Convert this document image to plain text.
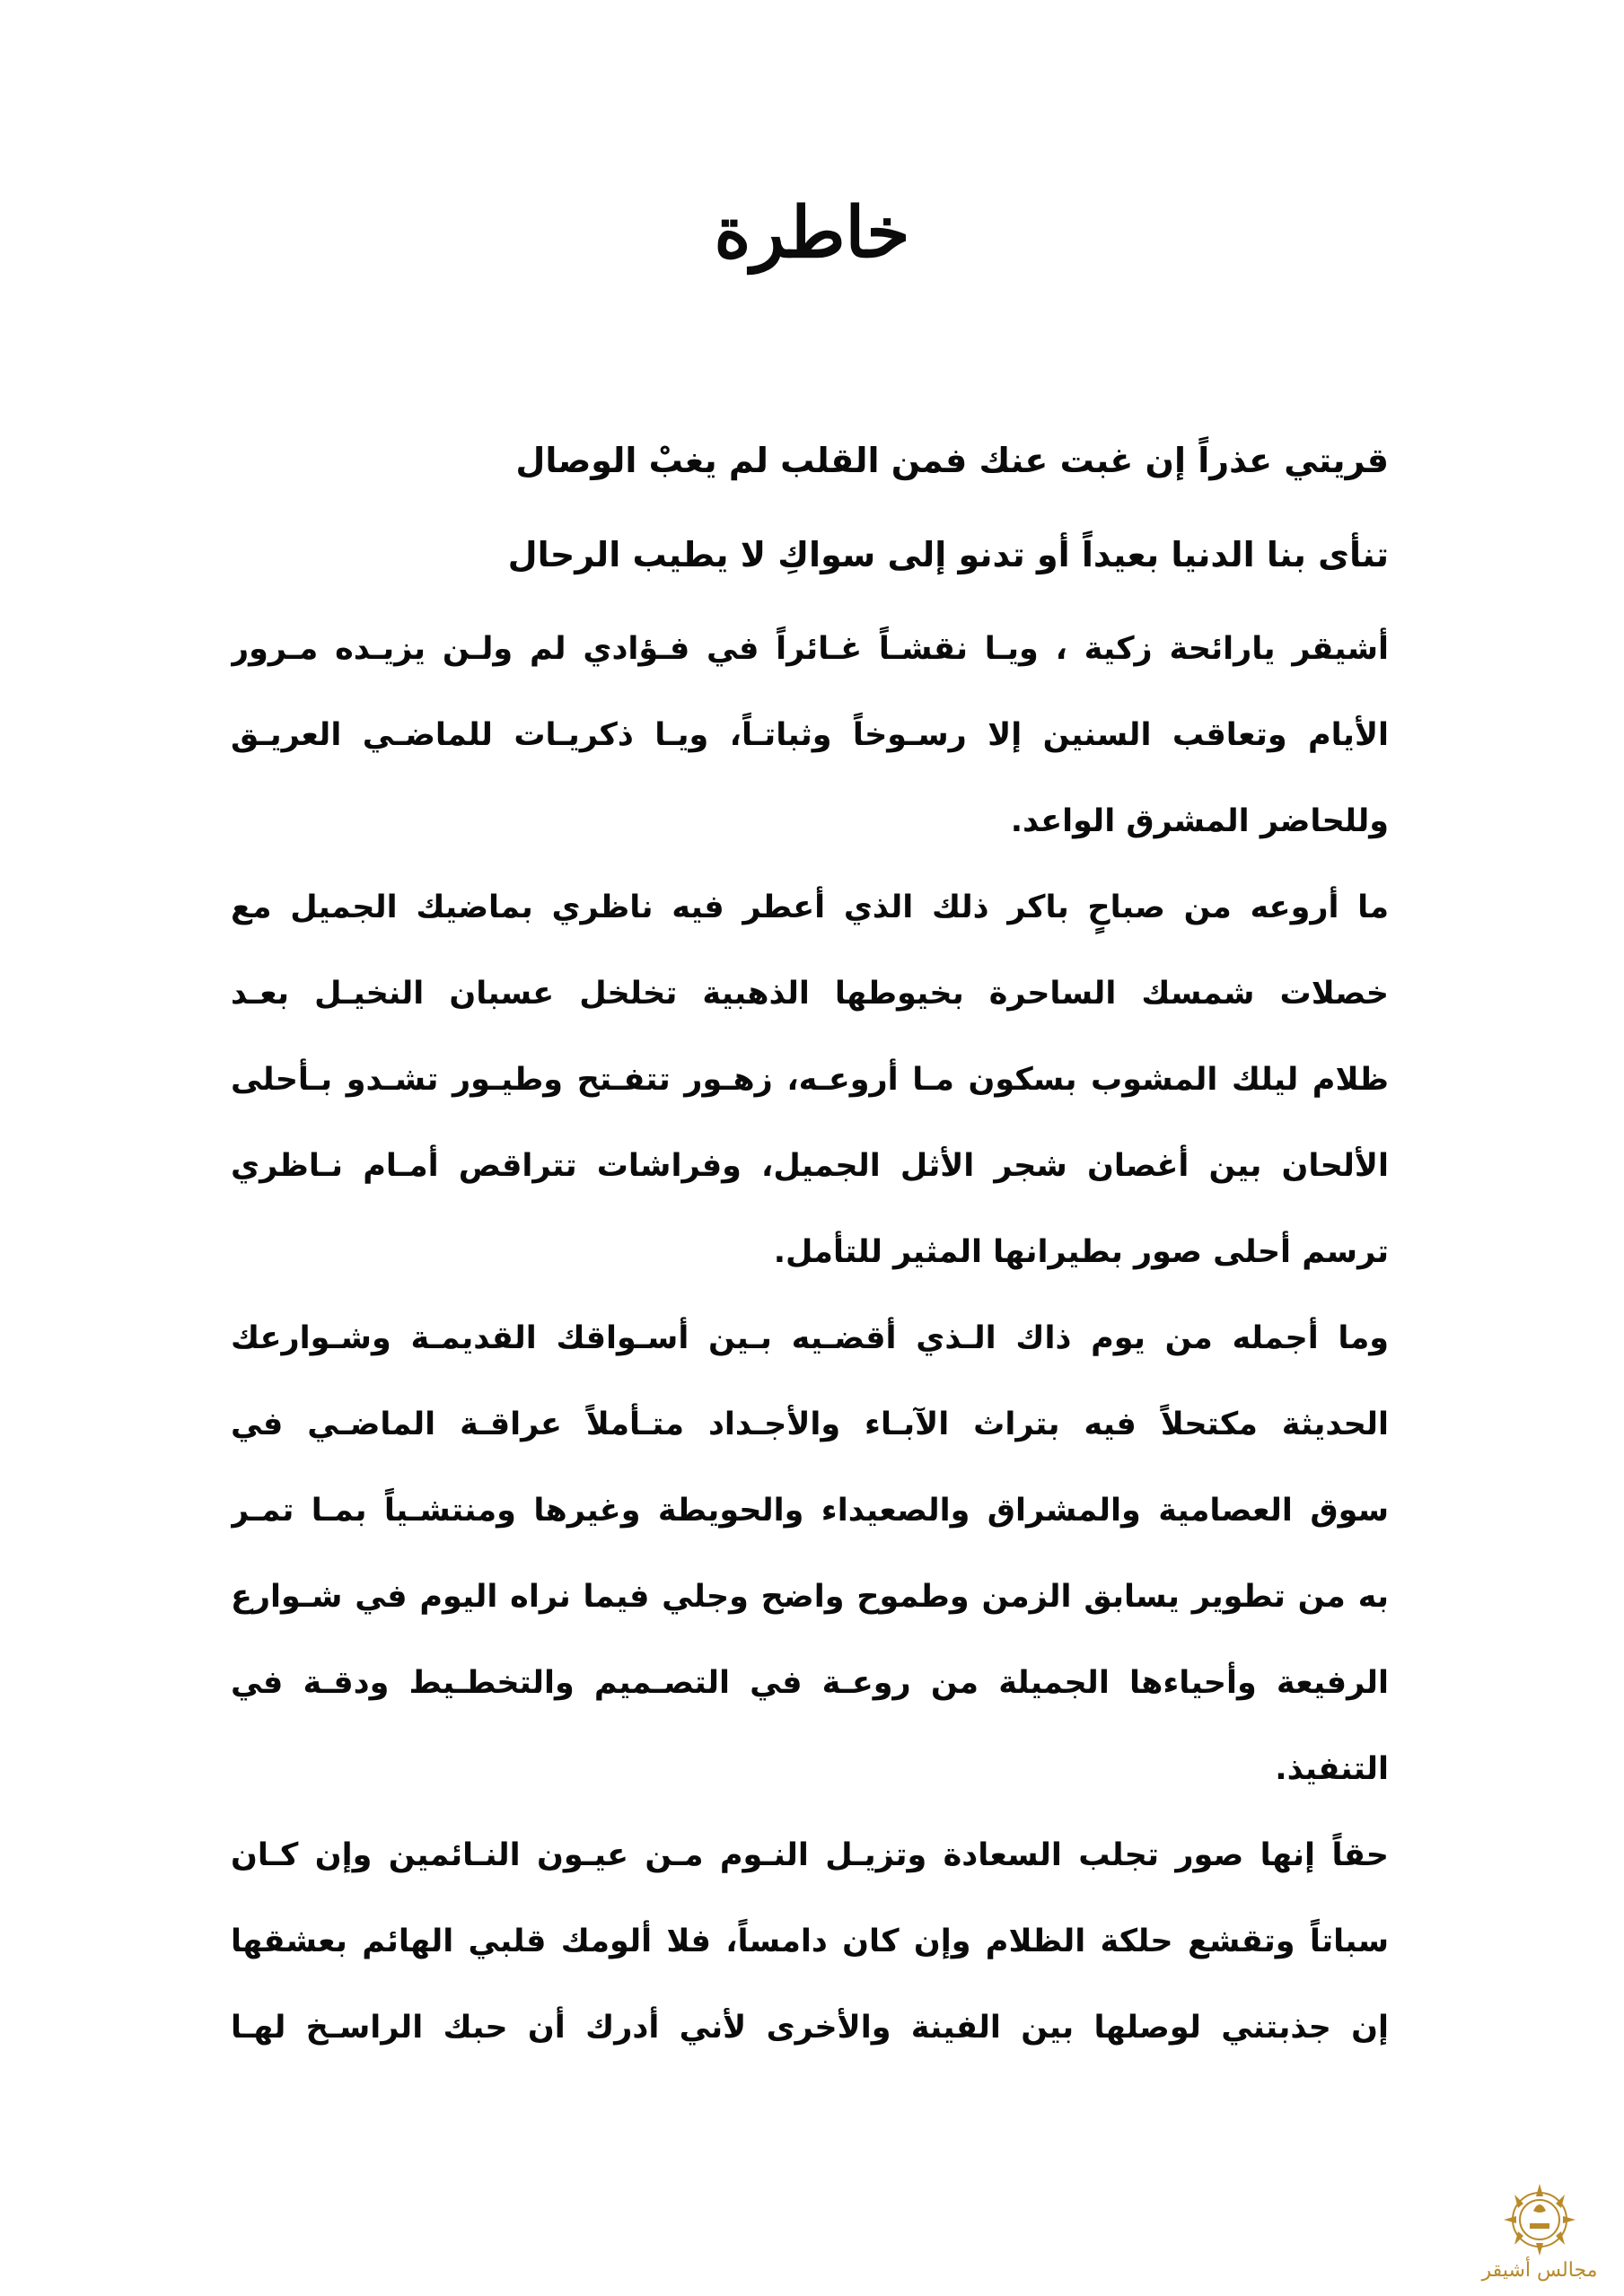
خاطرة

قريتي عذراً إن غبت عنك فمن القلب لم يغبْ الوصال

تنأى بنا الدنيا بعيداً أو تدنو إلى سواكِ لا يطيب الرحال

أشيقر يارائحة زكية ، ويـا نقشـاً غـائراً في فـؤادي لم ولـن يزيـده مـرور
الأيام وتعاقب السنين إلا رسـوخاً وثباتـاً، ويـا ذكريـات للماضـي العريـق
وللحاضر المشرق الواعد.
ما أروعه من صباحٍ باكر ذلك الذي أعطر فيه ناظري بماضيك الجميل مع
خصلات شمسك الساحرة بخيوطها الذهبية تخلخل عسبان النخيـل بعـد
ظلام ليلك المشوب بسكون مـا أروعـه، زهـور تتفـتح وطيـور تشـدو بـأحلى
الألحان بين أغصان شجر الأثل الجميل، وفراشات تتراقص أمـام نـاظري
ترسم أحلى صور بطيرانها المثير للتأمل.
وما أجمله من يوم ذاك الـذي أقضـيه بـين أسـواقك القديمـة وشـوارعك
الحديثة مكتحلاً فيه بتراث الآبـاء والأجـداد متـأملاً عراقـة الماضـي في
سوق العصامية والمشراق والصعيداء والحويطة وغيرها ومنتشـياً بمـا تمـر
به من تطوير يسابق الزمن وطموح واضح وجلي فيما نراه اليوم في شـوارع
الرفيعة وأحياءها الجميلة من روعـة في التصـميم والتخطـيط ودقـة في
التنفيذ.
حقاً إنها صور تجلب السعادة وتزيـل النـوم مـن عيـون النـائمين وإن كـان
سباتاً وتقشع حلكة الظلام وإن كان دامساً، فلا ألومك قلبي الهائم بعشقها
إن جذبتني لوصلها بين الفينة والأخرى لأني أدرك أن حبك الراسـخ لهـا
مجالس أشيقر
